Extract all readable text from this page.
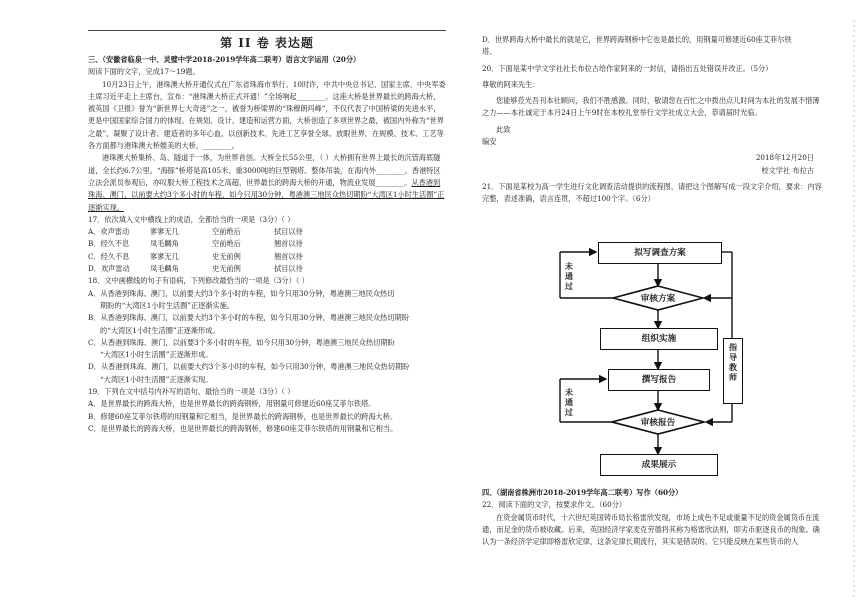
第 II 卷 表达题

三、（安徽省临泉一中、灵璧中学2018-2019学年高二联考）语言文字运用（20分）

阅读下面的文字，完成17～19题。

10月23日上午，港珠澳大桥开通仪式在广东省珠海市举行。10时许，中共中央总书记、国家主席、中央军委主席习近平走上主席台，宣布：“港珠澳大桥正式开通！”全场响起________。这座大桥是世界最长的跨海大桥，被英国《卫报》誉为“新世界七大奇迹”之一，被誉为桥梁界的“珠穆朗玛峰”，不仅代表了中国桥梁的先进水平，更是中国国家综合国力的体现。在规划、设计、建造和运营方面，大桥创造了多项世界之最，被国内外称为“世界之最”，凝聚了设计者、建造者的多年心血，以创新技术、先进工艺享誉全球。放眼世界，在规模、技术、工艺等各方面都与港珠澳大桥媲美的大桥，________。

港珠澳大桥集桥、岛、隧道于一体，为世界首创。大桥全长55公里，（ ）大桥拥有世界上最长的沉管海底隧道，全长约6.7公里。“海豚”桥塔是高105米、重3000吨的巨型钢塔。整体吊装，在海内外________。香港特区立法会派员参观后，亦叹服大桥工程技术之高超，世界最长的跨海大桥的开通，物流业发展________。从香港到珠海、澳门，以前要大约3个多小时的车程，如今只用30分钟，粤港澳三地民众热切期盼“大湾区1小时生活圈”正逐渐实现。

17．依次填入文中横线上的成语，全都恰当的一项是（3分）（ ）

A．欢声雷动	寥寥无几	空前绝后	拭目以待
B．经久不息	凤毛麟角	空前绝后	翘首以待
C．经久不息	寥寥无几	史无前例	翘首以待
D．欢声雷动	凤毛麟角	史无前例	拭目以待

18．文中画横线的句子有语病，下列修改最恰当的一项是（3分）（ ）

A．从香港到珠海、澳门，以前要大约3个多小时的车程，如今只用30分钟，粤港澳三地民众热切

期盼的“大湾区1小时生活圈”正逐渐实施。

B．从香港到珠海、澳门，以前要大约3个多小时的车程，如今只用30分钟，粤港澳三地民众热切期盼

的“大湾区1小时生活圈”正逐渐形成。

C．从香港到珠海、澳门，以前要3个多小时的车程，如今只用30分钟，粤港澳三地民众热切期盼

“大湾区1小时生活圈”正逐渐形成。

D．从香港到珠海、澳门，以前要大约3个多小时的车程，如今只用30分钟，粤港澳三地民众热切期盼

“大湾区1小时生活圈”正逐渐实现。

19．下列在文中括号内补写的语句，最恰当的一项是（3分）（ ）

A．是世界最长的跨海大桥，也是世界最长的跨海钢桥，用钢量可修建近60座艾菲尔铁塔。

B．修建60座艾菲尔铁塔的用钢量和它相当，是世界最长的跨海钢桥，也是世界最长的跨海大桥。

C．是世界最长的跨海大桥，也是世界最长的跨海钢桥，修建60座艾菲尔铁塔的用钢量和它相当。

D．世界跨海大桥中最长的就是它，世界跨海钢桥中它也是最长的，用钢量可修建近60座艾菲尔铁

塔。

20．下面是某中学文学社社长布拉古给作家阿来的一封信，请指出五处错误并改正。（5分）

尊敬的阿来先生：

您能够莅光吾刊本社顾问，我们不胜感激。同时，敬请您在百忙之中拨出点儿时间为本社的发展不惜薄之力——本社诚定于本月24日上午9时在本校礼堂举行文学社成立大会，恭请届时光临。

此致

编安

2018年12月20日

校文学社 布拉古

21．下面是某校为高一学生进行文化调查活动提供的流程图，请把这个图解写成一段文字介绍，要求：内容完整，表述准确，语言连贯，不超过100个字。（6分）

拟写调查方案
审核方案
组织实施
撰写报告
审核报告
成果展示
指导教师
未通过
未通过

四、（湖南省株洲市2018-2019学年高二联考）写作（60分）

22．阅读下面的文字，按要求作文。（60分）

在资金属货币时代，十六世纪英国铸币局长格雷欣发现，市场上成色不足或重量不足的资金属货币在流通，而足金的货币被收藏。后来，英国经济学家麦克劳德将其称为格雷欣法则，即劣币驱逐良币的现象。确

认为一条经济学定律即格雷欣定律，这条定律长期流行，其实是错误的。它只能反映在某些货币的人
